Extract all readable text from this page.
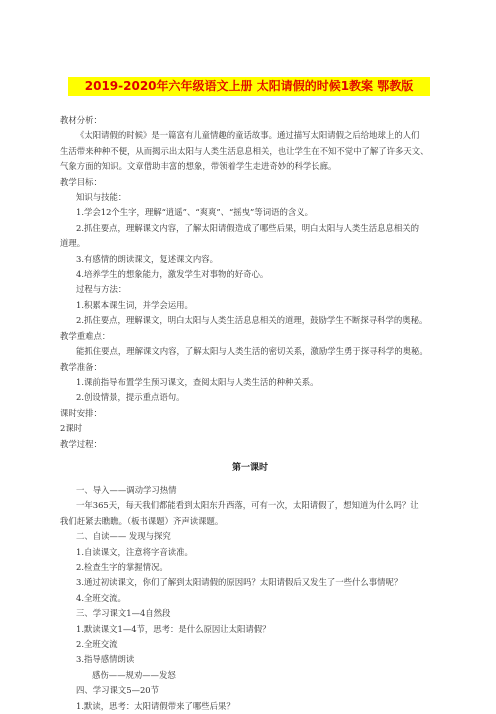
2019-2020年六年级语文上册 太阳请假的时候1教案 鄂教版
教材分析：
《太阳请假的时候》是一篇富有儿童情趣的童话故事。通过描写太阳请假之后给地球上的人们
生活带来种种不便，从而揭示出太阳与人类生活息息相关，也让学生在不知不觉中了解了许多天文、
气象方面的知识。文章借助丰富的想象，带领着学生走进奇妙的科学长廊。
教学目标：
知识与技能：
1.学会12个生字，理解“逍遥”、“爽爽”、“摇曳”等词语的含义。
2.抓住要点，理解课文内容，了解太阳请假造成了哪些后果，明白太阳与人类生活息息相关的
道理。
3.有感情的朗读课文，复述课文内容。
4.培养学生的想象能力，激发学生对事物的好奇心。
过程与方法：
1.积累本课生词，并学会运用。
2.抓住要点，理解课文，明白太阳与人类生活息息相关的道理，鼓励学生不断探寻科学的奥秘。
教学重难点：
能抓住要点，理解课文内容，了解太阳与人类生活的密切关系，激励学生勇于探寻科学的奥秘。
教学准备：
1.课前指导布置学生预习课文，查阅太阳与人类生活的种种关系。
2.创设情景，提示重点语句。
课时安排：
2课时
教学过程：
第一课时
一、导入——调动学习热情
一年365天，每天我们都能看到太阳东升西落，可有一次，太阳请假了，想知道为什么吗？让
我们赶紧去瞧瞧。（板书课题）齐声读课题。
二、自读—— 发现与探究
1.自读课文，注意将字音读准。
2.检查生字的掌握情况。
3.通过初读课文，你们了解到太阳请假的原因吗？太阳请假后又发生了一些什么事情呢？
4.全班交流。
三、学习课文1—4自然段
1.默读课文1—4节，思考：是什么原因让太阳请假？
2.全班交流
3.指导感情朗读
感伤——规劝——发怒
四、学习课文5—20节
1.默读，思考：太阳请假带来了哪些后果？
